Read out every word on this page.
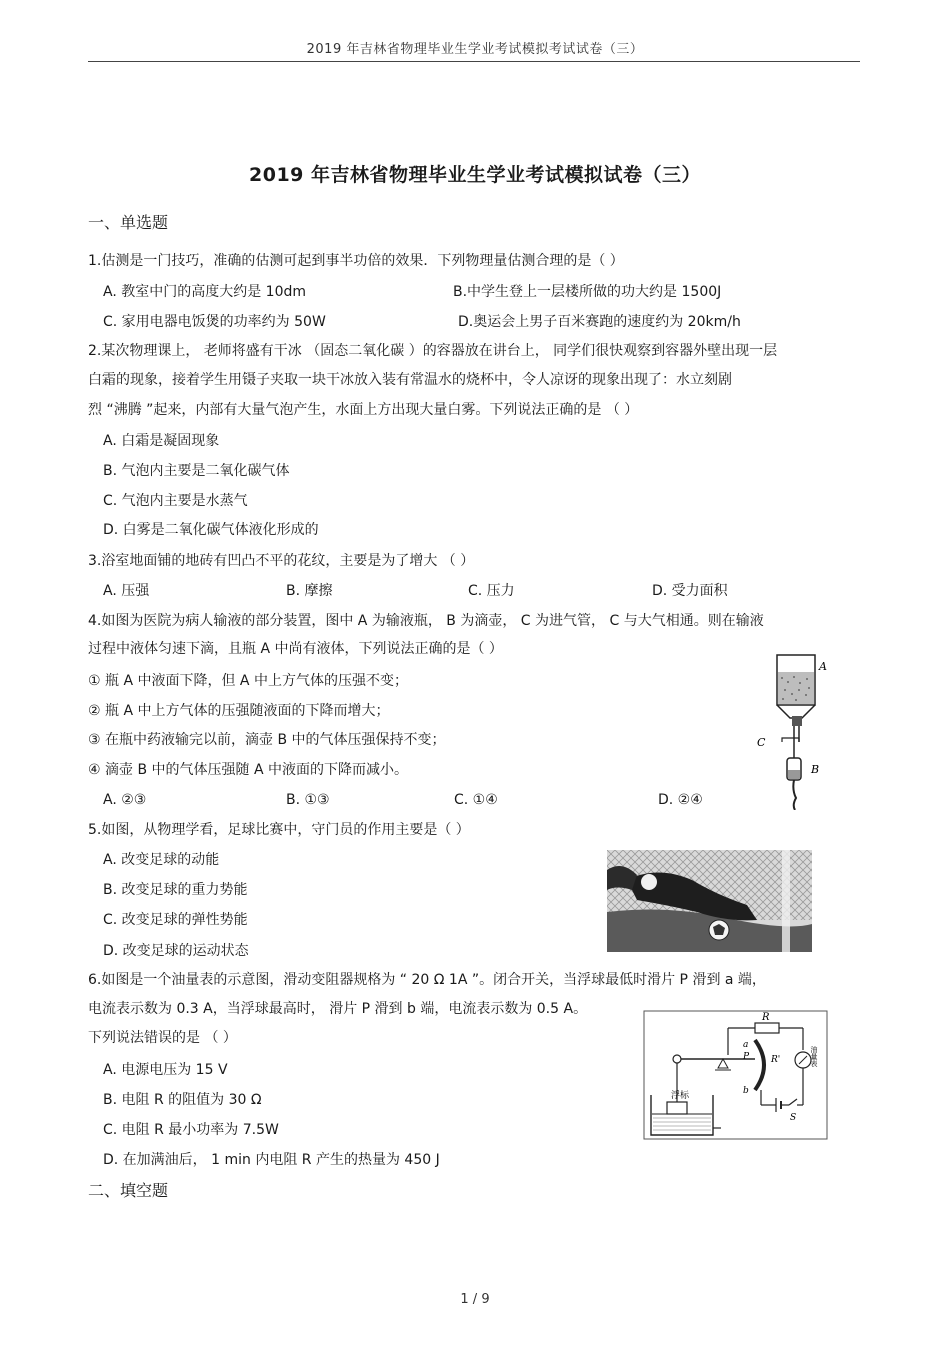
2019 年吉林省物理毕业生学业考试模拟考试试卷（三）
2019 年吉林省物理毕业生学业考试模拟试卷（三）
一、单选题
1.估测是一门技巧，准确的估测可起到事半功倍的效果．下列物理量估测合理的是（ ）
A. 教室中门的高度大约是 10dm	B.中学生登上一层楼所做的功大约是 1500J
C. 家用电器电饭煲的功率约为 50W	D.奥运会上男子百米赛跑的速度约为 20km/h
2.某次物理课上， 老师将盛有干冰 （固态二氧化碳 ）的容器放在讲台上， 同学们很快观察到容器外壁出现一层
白霜的现象，接着学生用镊子夹取一块干冰放入装有常温水的烧杯中，令人凉讶的现象出现了：水立刻剧
烈 “沸腾 ”起来，内部有大量气泡产生，水面上方出现大量白雾。下列说法正确的是 （ ）
A. 白霜是凝固现象
B. 气泡内主要是二氧化碳气体
C. 气泡内主要是水蒸气
D. 白雾是二氧化碳气体液化形成的
3.浴室地面铺的地砖有凹凸不平的花纹，主要是为了增大 （ ）
A. 压强	B. 摩擦	C. 压力	D. 受力面积
4.如图为医院为病人输液的部分装置，图中 A 为输液瓶， B 为滴壶， C 为进气管， C 与大气相通。则在输液
过程中液体匀速下滴，且瓶 A 中尚有液体，下列说法正确的是（ ）
① 瓶 A 中液面下降，但 A 中上方气体的压强不变；
② 瓶 A 中上方气体的压强随液面的下降而增大；
③ 在瓶中药液输完以前，滴壶 B 中的气体压强保持不变；
④ 滴壶 B 中的气体压强随 A 中液面的下降而减小。
A. ②③	B. ①③	C. ①④	D. ②④
A
C
B
5.如图，从物理学看，足球比赛中，守门员的作用主要是（ ）
A. 改变足球的动能
B. 改变足球的重力势能
C. 改变足球的弹性势能
D. 改变足球的运动状态
6.如图是一个油量表的示意图，滑动变阻器规格为 “ 20 Ω 1A ”。闭合开关，当浮球最低时滑片 P 滑到 a 端，
电流表示数为 0.3 A，当浮球最高时， 滑片 P 滑到 b 端，电流表示数为 0.5 A。
下列说法错误的是 （ ）
A. 电源电压为 15 V
B. 电阻 R 的阻值为 30 Ω
C. 电阻 R 最小功率为 7.5W
D. 在加满油后， 1 min 内电阻 R 产生的热量为 450 J
R
浮标
a
P R'
b
油量表
S
二、填空题
1 / 9
